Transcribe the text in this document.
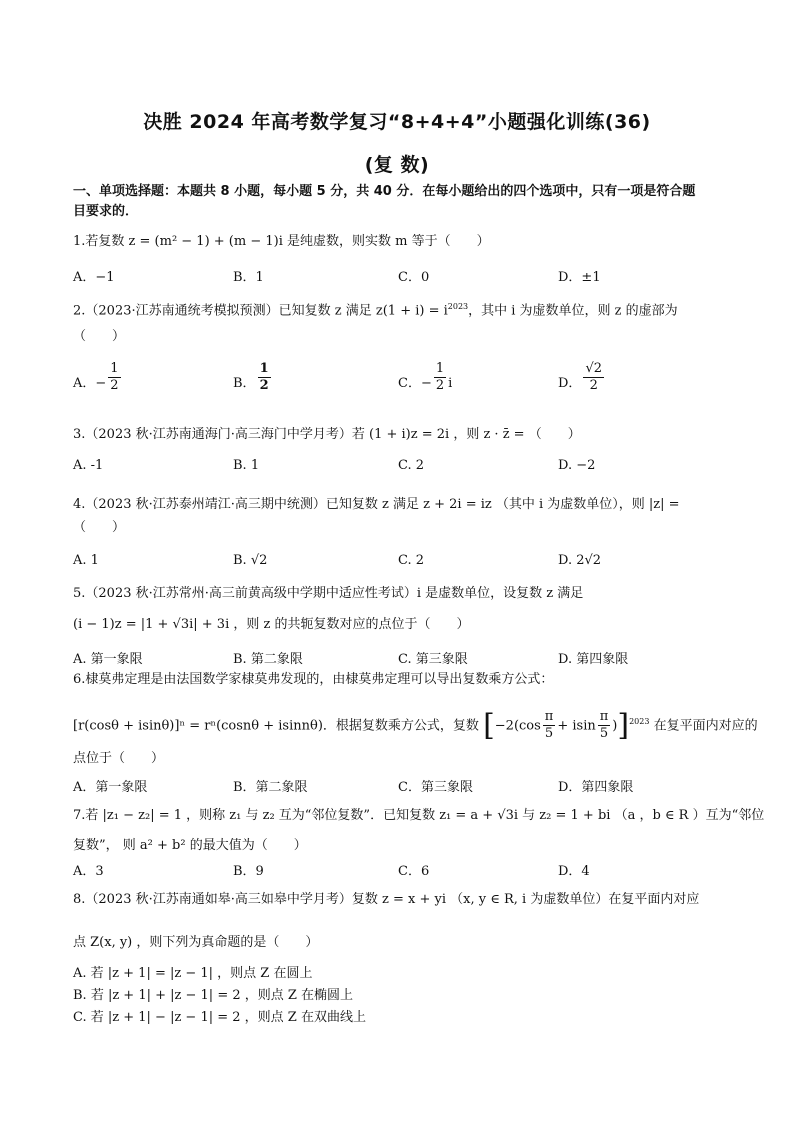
决胜 2024 年高考数学复习“8+4+4”小题强化训练(36)
(复 数)
一、单项选择题：本题共 8 小题，每小题 5 分，共 40 分．在每小题给出的四个选项中，只有一项是符合题
目要求的．
1.若复数 z = (m² − 1) + (m − 1)i 是纯虚数，则实数 m 等于（　　）
A．−1	B．1	C．0	D．±1
2.（2023·江苏南通统考模拟预测）已知复数 z 满足 $z(1 + i) = i^{2023}$，其中 i 为虚数单位，则 z 的虚部为
（　　）
A．− $\frac{1}{2}$	B． $\frac{1}{2}$	C．− $\frac{1}{2}$ i	D． $\frac{√2}{2}$
3.（2023 秋·江苏南通海门·高三海门中学月考）若 (1 + i)z = 2i ，则 z · z̄ = （　　）
A. -1	B. 1	C. 2	D. −2
4.（2023 秋·江苏泰州靖江·高三期中统测）已知复数 z 满足 z + 2i = iz （其中 i 为虚数单位），则 |z| =
（　　）
A. 1	B. √2	C. 2	D. 2√2
5.（2023 秋·江苏常州·高三前黄高级中学期中适应性考试）i 是虚数单位，设复数 z 满足
(i − 1)z = |1 + √3i| + 3i ，则 z 的共轭复数对应的点位于（　　）
A. 第一象限	B. 第二象限	C. 第三象限	D. 第四象限
6.棣莫弗定理是由法国数学家棣莫弗发现的，由棣莫弗定理可以导出复数乘方公式：
[r(cosθ + isinθ)]ⁿ = rⁿ(cosnθ + isinnθ)．根据复数乘方公式，复数 $[-2(\cos \frac{\pi}{5} + isin \frac{\pi}{5} )]^{2023}$ 在复平面内对应的
点位于（　　）
A．第一象限	B．第二象限	C．第三象限	D．第四象限
7.若 |z₁ − z₂| = 1 ，则称 z₁ 与 z₂ 互为“邻位复数”．已知复数 z₁ = a + √3i 与 z₂ = 1 + bi （a ，b ∈ R ）互为“邻位
复数”， 则 a² + b² 的最大值为（　　）
A．3	B．9	C．6	D．4
8.（2023 秋·江苏南通如皋·高三如皋中学月考）复数 z = x + yi （x, y ∈ R, i 为虚数单位）在复平面内对应
点 Z(x, y) ，则下列为真命题的是（　　）
A. 若 |z + 1| = |z − 1| ，则点 Z 在圆上
B. 若 |z + 1| + |z − 1| = 2 ，则点 Z 在椭圆上
C. 若 |z + 1| − |z − 1| = 2 ，则点 Z 在双曲线上
